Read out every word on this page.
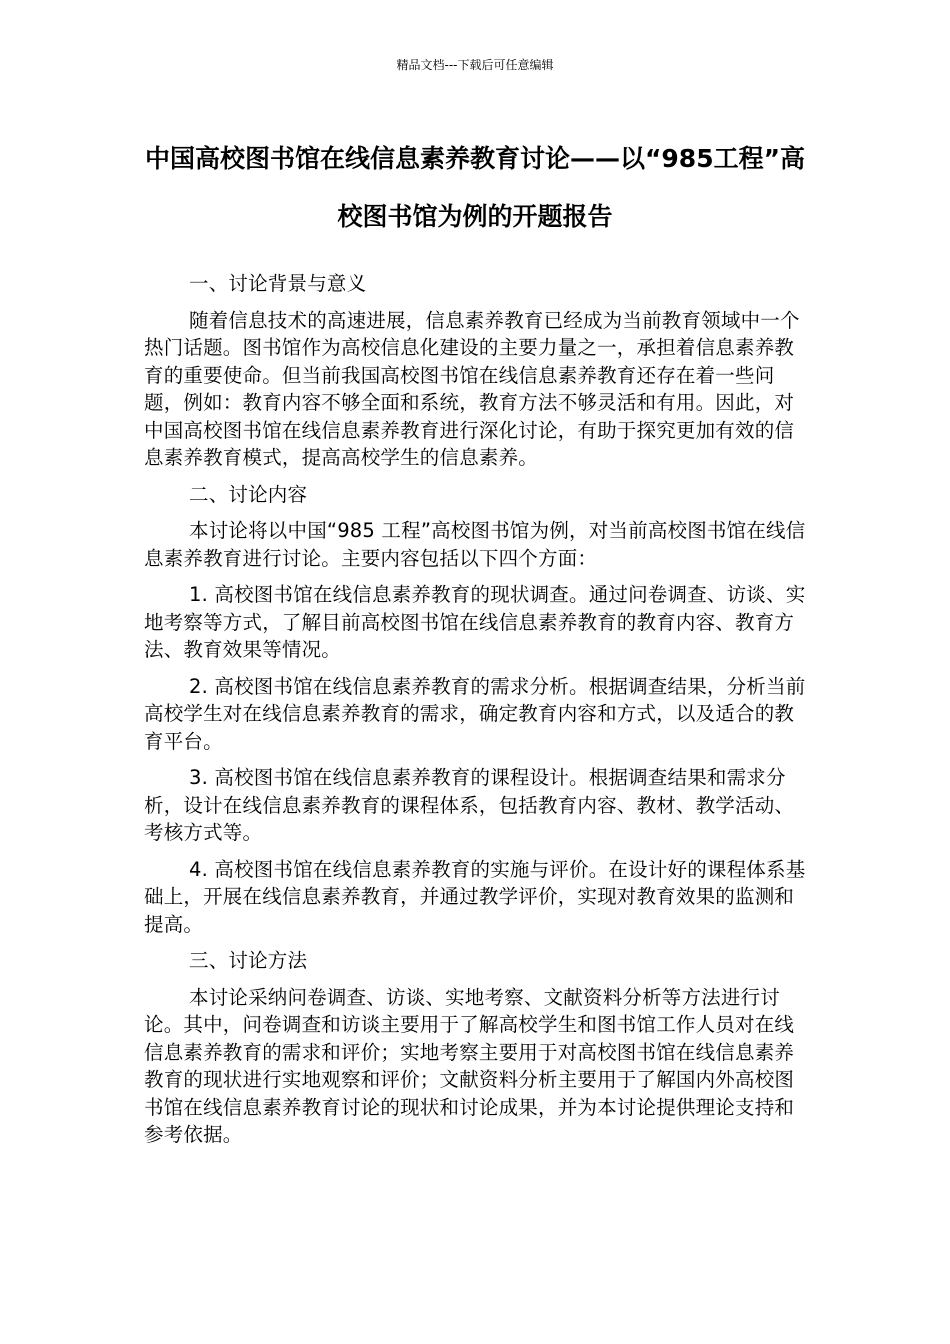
精品文档---下载后可任意编辑
中国高校图书馆在线信息素养教育讨论——以“985工程”高校图书馆为例的开题报告

一、讨论背景与意义

随着信息技术的高速进展，信息素养教育已经成为当前教育领域中一个热门话题。图书馆作为高校信息化建设的主要力量之一，承担着信息素养教育的重要使命。但当前我国高校图书馆在线信息素养教育还存在着一些问题，例如：教育内容不够全面和系统，教育方法不够灵活和有用。因此，对中国高校图书馆在线信息素养教育进行深化讨论，有助于探究更加有效的信息素养教育模式，提高高校学生的信息素养。

二、讨论内容

本讨论将以中国“985 工程”高校图书馆为例，对当前高校图书馆在线信息素养教育进行讨论。主要内容包括以下四个方面：

1. 高校图书馆在线信息素养教育的现状调查。通过问卷调查、访谈、实地考察等方式，了解目前高校图书馆在线信息素养教育的教育内容、教育方法、教育效果等情况。

2. 高校图书馆在线信息素养教育的需求分析。根据调查结果，分析当前高校学生对在线信息素养教育的需求，确定教育内容和方式，以及适合的教育平台。

3. 高校图书馆在线信息素养教育的课程设计。根据调查结果和需求分析，设计在线信息素养教育的课程体系，包括教育内容、教材、教学活动、考核方式等。

4. 高校图书馆在线信息素养教育的实施与评价。在设计好的课程体系基础上，开展在线信息素养教育，并通过教学评价，实现对教育效果的监测和提高。

三、讨论方法

本讨论采纳问卷调查、访谈、实地考察、文献资料分析等方法进行讨论。其中，问卷调查和访谈主要用于了解高校学生和图书馆工作人员对在线信息素养教育的需求和评价；实地考察主要用于对高校图书馆在线信息素养教育的现状进行实地观察和评价；文献资料分析主要用于了解国内外高校图书馆在线信息素养教育讨论的现状和讨论成果，并为本讨论提供理论支持和参考依据。
